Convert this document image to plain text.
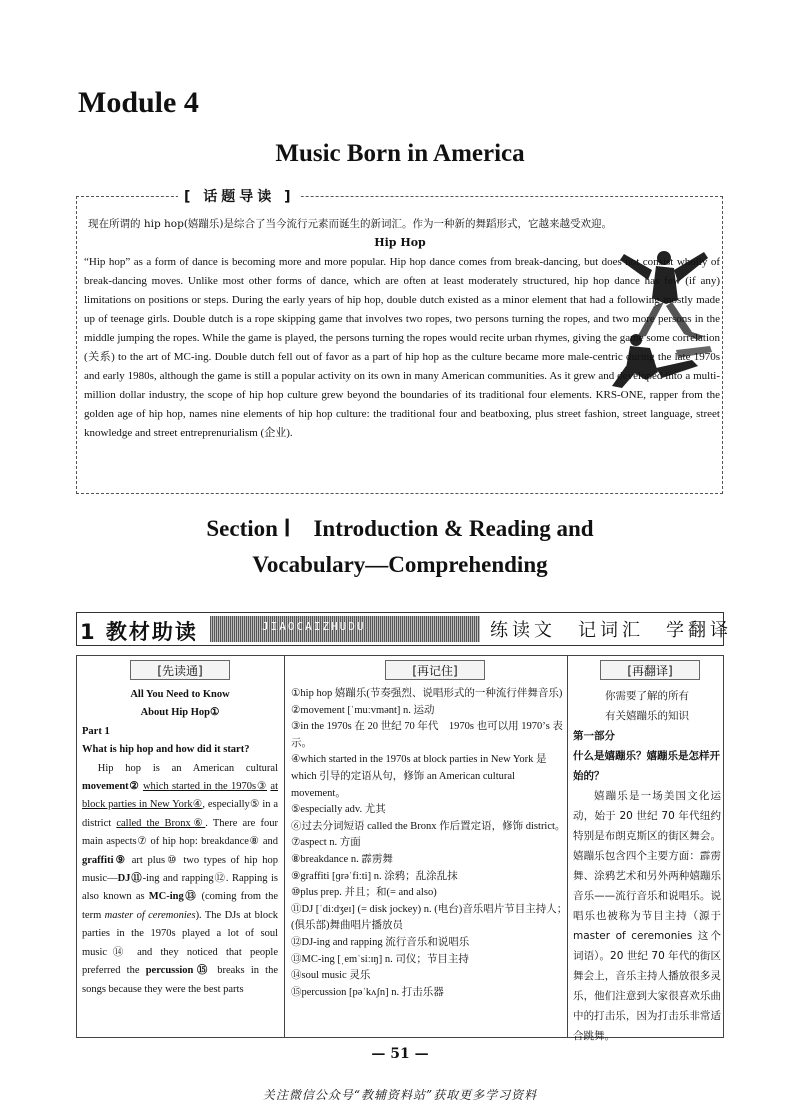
Module 4
Music Born in America
[ 话题导读 ]
现在所谓的 hip hop(嬉蹦乐)是综合了当今流行元素而诞生的新词汇。作为一种新的舞蹈形式，它越来越受欢迎。
Hip Hop
“Hip hop” as a form of dance is becoming more and more popular. Hip hop dance comes from break-dancing, but does not consist wholly of break-dancing moves. Unlike most other forms of dance, which are often at least moderately structured, hip hop dance has few (if any) limitations on positions or steps. During the early years of hip hop, double dutch existed as a minor element that had a following mostly made up of teenage girls. Double dutch is a rope skipping game that involves two ropes, two persons turning the ropes, and two more persons in the middle jumping the ropes. While the game is played, the persons turning the ropes would recite urban rhymes, giving the game some correlation (关系) to the art of MC-ing. Double dutch fell out of favor as a part of hip hop as the culture became more male-centric during the late 1970s and early 1980s, although the game is still a popular activity on its own in many American communities. As it grew and developed into a multi-million dollar industry, the scope of hip hop culture grew beyond the boundaries of its traditional four elements. KRS-ONE, rapper from the golden age of hip hop, names nine elements of hip hop culture: the traditional four and beatboxing, plus street fashion, street language, street knowledge and street entreprenurialism (企业).
Section Ⅰ　Introduction & Reading and
Vocabulary—Comprehending
1 教材助读	JIAOCAIZHUDU	练读文　记词汇　学翻译
[先读通]	[再记住]	[再翻译]
All You Need to Know
About Hip Hop①
Part 1
What is hip hop and how did it start?

Hip hop is an American cultural movement② which started in the 1970s③ at block parties in New York④, especially⑤ in a district called the Bronx⑥. There are four main aspects⑦ of hip hop: breakdance⑧ and graffiti⑨ art plus⑩ two types of hip hop music—DJ⑪-ing and rapping⑫. Rapping is also known as MC-ing⑬ (coming from the term master of ceremonies). The DJs at block parties in the 1970s played a lot of soul music⑭ and they noticed that people preferred the percussion⑮ breaks in the songs because they were the best parts

①hip hop 嬉蹦乐(节奏强烈、说唱形式的一种流行伴舞音乐)
②movement [ˈmuːvmənt] n. 运动
③in the 1970s 在 20 世纪 70 年代　1970s 也可以用 1970’s 表示。
④which started in the 1970s at block parties in New York 是 which 引导的定语从句，修饰 an American cultural movement。
⑤especially adv. 尤其
⑥过去分词短语 called the Bronx 作后置定语，修饰 district。
⑦aspect n. 方面
⑧breakdance n. 霹雳舞
⑨graffiti [ɡrəˈfiːti] n. 涂鸦；乱涂乱抹
⑩plus prep. 并且；和(= and also)
⑪DJ [ˈdiːdʒeɪ] (= disk jockey) n. (电台)音乐唱片节目主持人；(俱乐部)舞曲唱片播放员
⑫DJ-ing and rapping 流行音乐和说唱乐
⑬MC-ing [ˌemˈsiːɪŋ] n. 司仪；节目主持
⑭soul music 灵乐
⑮percussion [pəˈkʌʃn] n. 打击乐器
你需要了解的所有
有关嬉蹦乐的知识
第一部分
什么是嬉蹦乐？嬉蹦乐是怎样开始的？

嬉蹦乐是一场美国文化运动，始于 20 世纪 70 年代纽约特别是布朗克斯区的街区舞会。嬉蹦乐包含四个主要方面：霹雳舞、涂鸦艺术和另外两种嬉蹦乐音乐——流行音乐和说唱乐。说唱乐也被称为节目主持（源于 master of ceremonies 这个词语）。20 世纪 70 年代的街区舞会上，音乐主持人播放很多灵乐，他们注意到大家很喜欢乐曲中的打击乐，因为打击乐非常适合跳舞。

— 51 —
关注微信公众号“教辅资料站”获取更多学习资料
